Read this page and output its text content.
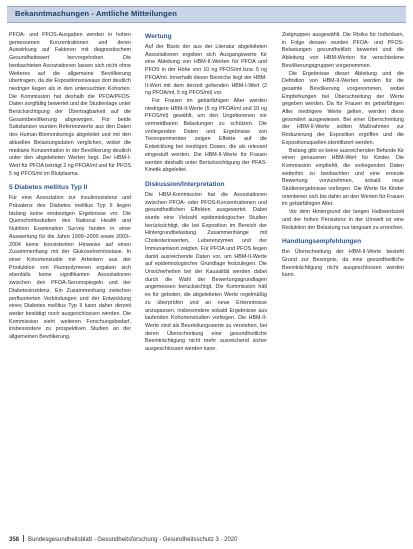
Bekanntmachungen - Amtliche Mitteilungen

PFOA- und PFOS-Ausgaben werden in hohen gemessenen Konzentrationen und deren Auswirkung auf Faktoren mit diagnostischem Gesundheitswert hervorgehoben. Die beobachteten Assoziationen lassen sich nicht ohne Weiteres auf die allgemeine Bevölkerung übertragen, da die Expositionsniveaus dort deutlich niedriger liegen als in den untersuchten Kohorten. Die Kommission hat deshalb die PFOA/PFOS-Daten sorgfältig bewertet und die Studienlage unter Berücksichtigung der Übertragbarkeit auf die Gesamtbevölkerung abgewogen. Für beide Substanzen wurden Referenzwerte aus den Daten des Human-Biomonitorings abgeleitet und mit den aktuellen Belastungsdaten verglichen, wobei die mediane Konzentration in der Bevölkerung deutlich unter den abgeleiteten Werten liegt. Der HBM-I-Wert für PFOA beträgt 2 ng PFOA/ml und für PFOS 5 ng PFOS/ml im Blutplasma.

5 Diabetes mellitus Typ II

Für eine Assoziation zur Insulinresistenz und Prävalenz des Diabetes mellitus Typ II liegen bislang keine eindeutigen Ergebnisse vor. Die Querschnittsstudien des National Health and Nutrition Examination Survey fanden in einer Auswertung für die Jahre 1999–2000 sowie 2003–2004 keine konsistenten Hinweise auf einen Zusammenhang mit der Glukosehomöostase. In einer Kohortenstudie mit Arbeitern aus der Produktion von Fluorpolymeren ergaben sich ebenfalls keine signifikanten Assoziationen zwischen den PFOA-Serumspiegeln und der Diabetesinzidenz. Ein Zusammenhang zwischen perfluorierten Verbindungen und der Entwicklung eines Diabetes mellitus Typ II kann daher derzeit weder bestätigt noch ausgeschlossen werden. Die Kommission sieht weiteren Forschungsbedarf, insbesondere zu prospektiven Studien an der allgemeinen Bevölkerung.

Wertung

Auf der Basis der aus der Literatur abgeleiteten Assoziationen ergeben sich Ausgangswerte für eine Ableitung von HBM-II-Werten für PFOA und PFOS in der Höhe von 10 ng PFOS/ml bzw. 5 ng PFOA/ml. Innerhalb dieser Bereiche liegt der HBM-II-Wert mit dem derzeit geltenden HBM-I-Wert (2 ng PFOA/ml, 5 ng PFOS/ml) vor.

Für Frauen im gebärfähigen Alter werden niedrigere HBM-II-Werte (5 ng PFOA/ml und 10 ng PFOS/ml) gewählt, um den Ungeborenen vor vermeidbaren Belastungen zu schützen. Die vorliegenden Daten und Ergebnisse von Tierexperimenten zeigen Effekte auf die Entwicklung bei niedrigen Dosen, die als relevant eingestuft werden. Die HBM-II-Werte für Frauen werden deshalb unter Berücksichtigung der PFAS-Kinetik abgeleitet.

Diskussion/Interpretation

Die HBM-Kommission hat die Assoziationen zwischen PFOA- oder PFOS-Konzentrationen und gesundheitlichen Effekten ausgewertet. Dabei wurde eine Vielzahl epidemiologischer Studien berücksichtigt, die bei Exposition im Bereich der Hintergrundbelastung Zusammenhänge mit Cholesterinwerten, Leberenzymen und der Immunantwort zeigten. Für PFOA und PFOS liegen damit ausreichende Daten vor, um HBM-II-Werte auf epidemiologischer Grundlage festzulegen. Die Unsicherheiten bei der Kausalität werden dabei durch die Wahl der Bewertungsgrundlagen angemessen berücksichtigt. Die Kommission hält es für geboten, die abgeleiteten Werte regelmäßig zu überprüfen und an neue Erkenntnisse anzupassen, insbesondere sobald Ergebnisse aus laufenden Kohortenstudien vorliegen. Die HBM-II-Werte sind als Beurteilungswerte zu verstehen, bei deren Überschreitung eine gesundheitliche Beeinträchtigung nicht mehr ausreichend sicher ausgeschlossen werden kann.

Zielgruppen ausgewählt. Die Risiko für Individuen, in Folge dessen wurden PFOA- und PFOS-Belastungen gesundheitlich bewertet und die Ableitung von HBM-Werten für verschiedene Bevölkerungsgruppen vorgenommen.

Die Ergebnisse dieser Ableitung und die Definition von HBM-II-Werten werden für die gesamte Bevölkerung vorgenommen, wobei Empfehlungen bei Überschreitung der Werte gegeben werden. Da für Frauen im gebärfähigen Alter niedrigere Werte gelten, werden diese gesondert ausgewiesen. Bei einer Überschreitung der HBM-II-Werte sollten Maßnahmen zur Reduzierung der Exposition ergriffen und die Expositionsquellen identifiziert werden.

Bislang gibt es keine ausreichenden Befunde für einen genaueren HBM-Wert für Kinder. Die Kommission empfiehlt, die vorliegenden Daten weiterhin zu beobachten und eine erneute Bewertung vorzunehmen, sobald neue Studienergebnisse vorliegen. Die Werte für Kinder orientieren sich bis dahin an den Werten für Frauen im gebärfähigen Alter.

Vor dem Hintergrund der langen Halbwertszeit und der hohen Persistenz in der Umwelt ist eine Reduktion der Belastung nur langsam zu erreichen.

Handlungsempfehlungen

Bei Überschreitung der HBM-II-Werte besteht Grund zur Besorgnis, da eine gesundheitliche Beeinträchtigung nicht ausgeschlossen werden kann.

358 Bundesgesundheitsblatt - Gesundheitsforschung - Gesundheitsschutz 3 · 2020
